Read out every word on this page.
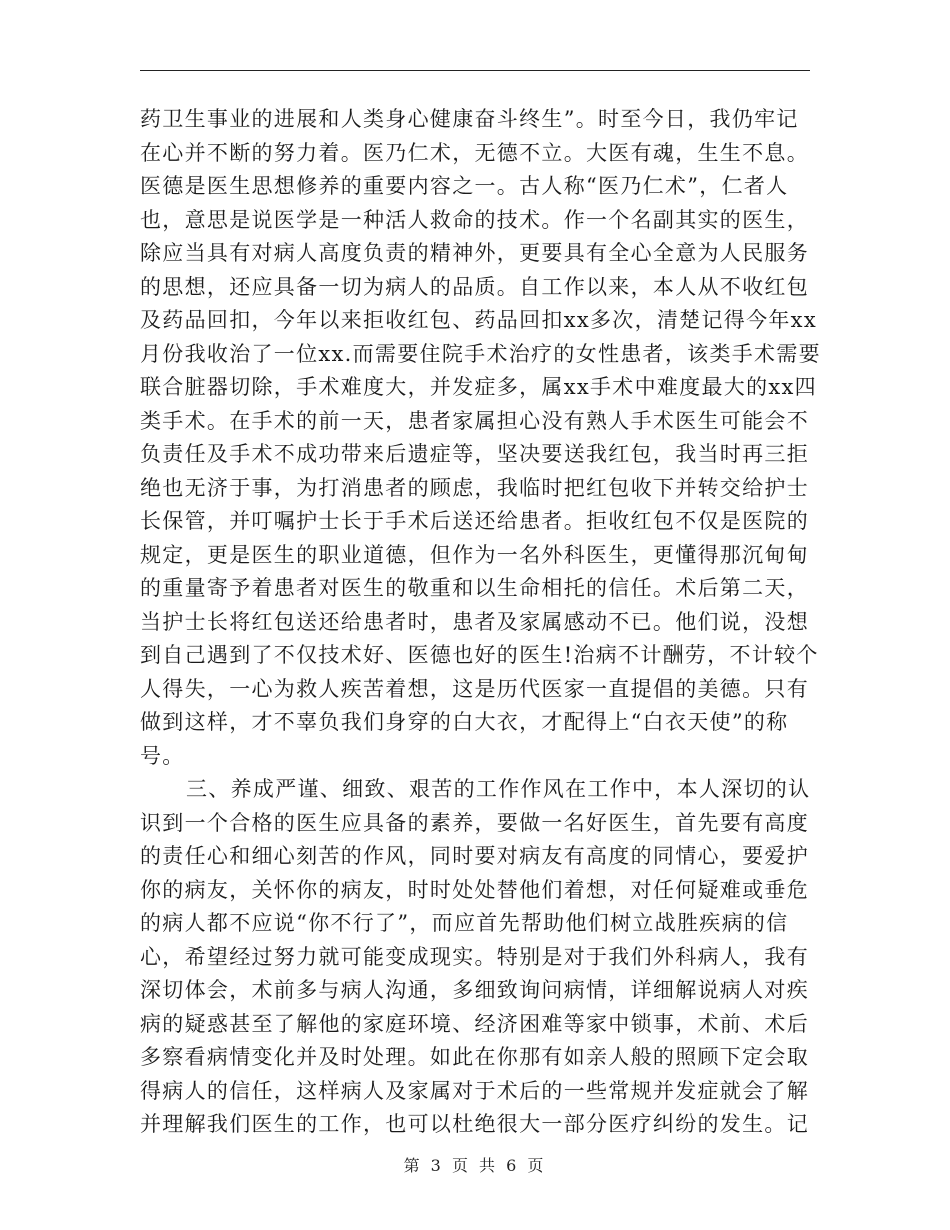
药卫生事业的进展和人类身心健康奋斗终生”。时至今日，我仍牢记
在心并不断的努力着。医乃仁术，无德不立。大医有魂，生生不息。
医德是医生思想修养的重要内容之一。古人称“医乃仁术”，仁者人
也，意思是说医学是一种活人救命的技术。作一个名副其实的医生，
除应当具有对病人高度负责的精神外，更要具有全心全意为人民服务
的思想，还应具备一切为病人的品质。自工作以来，本人从不收红包
及药品回扣，今年以来拒收红包、药品回扣xx多次，清楚记得今年xx
月份我收治了一位xx.而需要住院手术治疗的女性患者，该类手术需要
联合脏器切除，手术难度大，并发症多，属xx手术中难度最大的xx四
类手术。在手术的前一天，患者家属担心没有熟人手术医生可能会不
负责任及手术不成功带来后遗症等，坚决要送我红包，我当时再三拒
绝也无济于事，为打消患者的顾虑，我临时把红包收下并转交给护士
长保管，并叮嘱护士长于手术后送还给患者。拒收红包不仅是医院的
规定，更是医生的职业道德，但作为一名外科医生，更懂得那沉甸甸
的重量寄予着患者对医生的敬重和以生命相托的信任。术后第二天，
当护士长将红包送还给患者时，患者及家属感动不已。他们说，没想
到自己遇到了不仅技术好、医德也好的医生!治病不计酬劳，不计较个
人得失，一心为救人疾苦着想，这是历代医家一直提倡的美德。只有
做到这样，才不辜负我们身穿的白大衣，才配得上“白衣天使”的称
号。
三、养成严谨、细致、艰苦的工作作风在工作中，本人深切的认
识到一个合格的医生应具备的素养，要做一名好医生，首先要有高度
的责任心和细心刻苦的作风，同时要对病友有高度的同情心，要爱护
你的病友，关怀你的病友，时时处处替他们着想，对任何疑难或垂危
的病人都不应说“你不行了”，而应首先帮助他们树立战胜疾病的信
心，希望经过努力就可能变成现实。特别是对于我们外科病人，我有
深切体会，术前多与病人沟通，多细致询问病情，详细解说病人对疾
病的疑惑甚至了解他的家庭环境、经济困难等家中锁事，术前、术后
多察看病情变化并及时处理。如此在你那有如亲人般的照顾下定会取
得病人的信任，这样病人及家属对于术后的一些常规并发症就会了解
并理解我们医生的工作，也可以杜绝很大一部分医疗纠纷的发生。记
第 3 页 共 6 页
